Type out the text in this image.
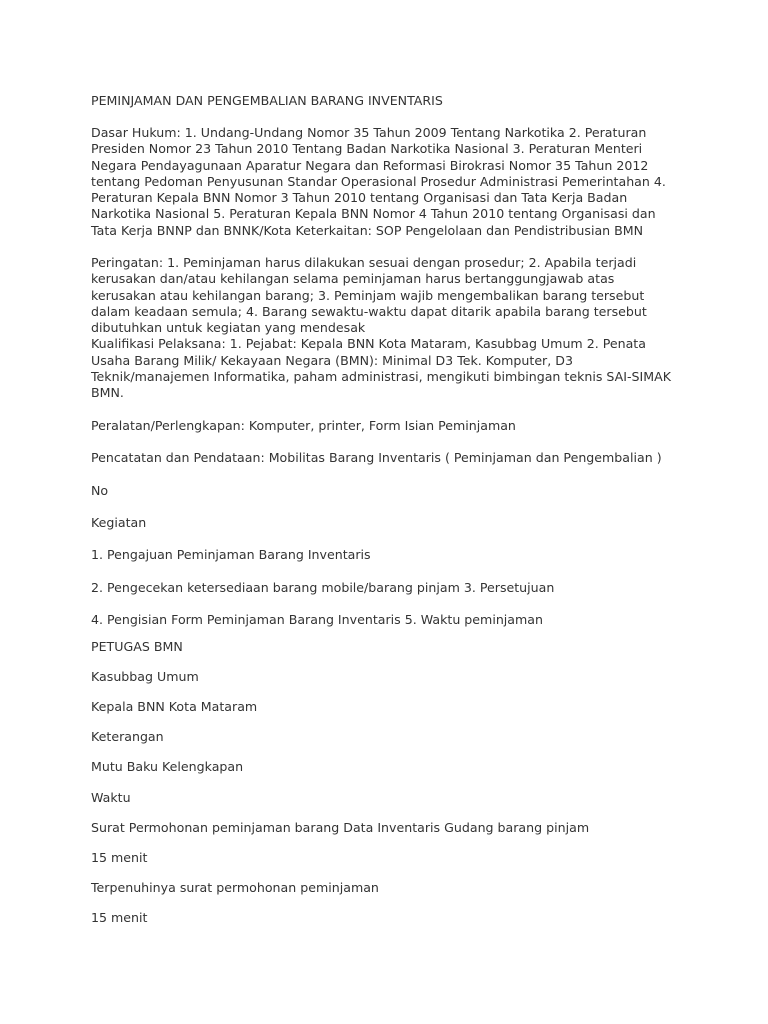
PEMINJAMAN DAN PENGEMBALIAN BARANG INVENTARIS

Dasar Hukum: 1. Undang-Undang Nomor 35 Tahun 2009 Tentang Narkotika 2. Peraturan
Presiden Nomor 23 Tahun 2010 Tentang Badan Narkotika Nasional 3. Peraturan Menteri
Negara Pendayagunaan Aparatur Negara dan Reformasi Birokrasi Nomor 35 Tahun 2012
tentang Pedoman Penyusunan Standar Operasional Prosedur Administrasi Pemerintahan 4.
Peraturan Kepala BNN Nomor 3 Tahun 2010 tentang Organisasi dan Tata Kerja Badan
Narkotika Nasional 5. Peraturan Kepala BNN Nomor 4 Tahun 2010 tentang Organisasi dan
Tata Kerja BNNP dan BNNK/Kota Keterkaitan: SOP Pengelolaan dan Pendistribusian BMN

Peringatan: 1. Peminjaman harus dilakukan sesuai dengan prosedur; 2. Apabila terjadi
kerusakan dan/atau kehilangan selama peminjaman harus bertanggungjawab atas
kerusakan atau kehilangan barang; 3. Peminjam wajib mengembalikan barang tersebut
dalam keadaan semula; 4. Barang sewaktu-waktu dapat ditarik apabila barang tersebut
dibutuhkan untuk kegiatan yang mendesak
Kualifikasi Pelaksana: 1. Pejabat: Kepala BNN Kota Mataram, Kasubbag Umum 2. Penata
Usaha Barang Milik/ Kekayaan Negara (BMN): Minimal D3 Tek. Komputer, D3
Teknik/manajemen Informatika, paham administrasi, mengikuti bimbingan teknis SAI-SIMAK
BMN.

Peralatan/Perlengkapan: Komputer, printer, Form Isian Peminjaman

Pencatatan dan Pendataan: Mobilitas Barang Inventaris ( Peminjaman dan Pengembalian )

No

Kegiatan

1. Pengajuan Peminjaman Barang Inventaris

2. Pengecekan ketersediaan barang mobile/barang pinjam 3. Persetujuan

4. Pengisian Form Peminjaman Barang Inventaris 5. Waktu peminjaman

PETUGAS BMN

Kasubbag Umum

Kepala BNN Kota Mataram

Keterangan

Mutu Baku Kelengkapan

Waktu

Surat Permohonan peminjaman barang Data Inventaris Gudang barang pinjam

15 menit

Terpenuhinya surat permohonan peminjaman

15 menit
